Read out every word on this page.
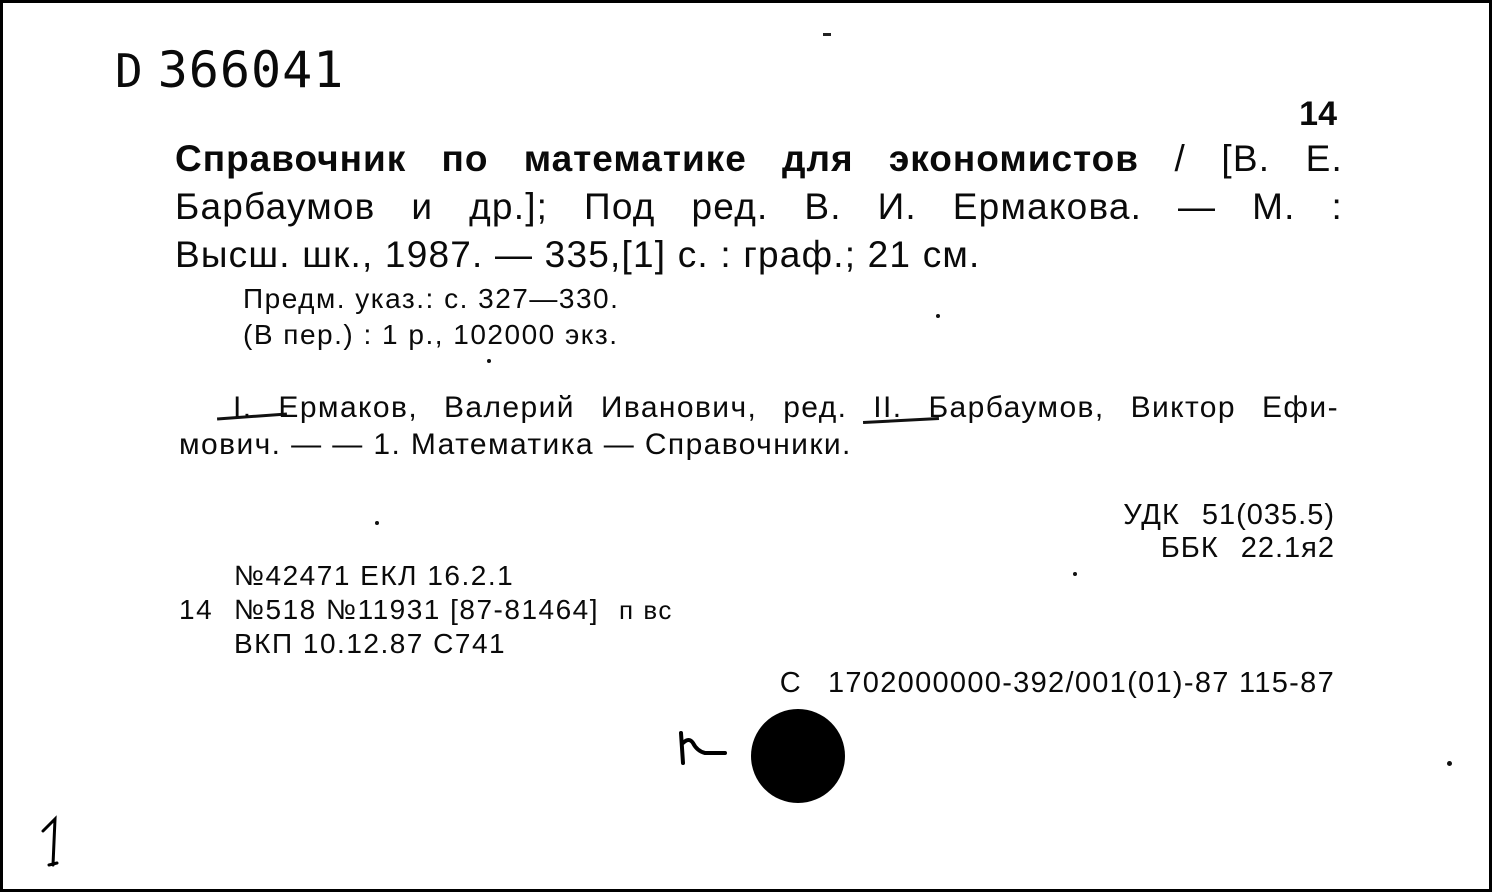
D 366041
14
Справочник по математике для экономистов / [В. Е.
Барбаумов и др.]; Под ред. В. И. Ермакова. — М. :
Высш. шк., 1987. — 335,[1] с. : граф.; 21 см.
Предм. указ.: с. 327—330.
(В пер.) : 1 р., 102000 экз.
I. Ермаков, Валерий Иванович, ред. II. Барбаумов, Виктор Ефи-
мович. — — 1. Математика — Справочники.
УДК 51(035.5)
ББК 22.1я2
№42471 ЕКЛ 16.2.1
14 №518 №11931 [87-81464] п вс
ВКП 10.12.87 С741
С 1702000000-392/001(01)-87 115-87
